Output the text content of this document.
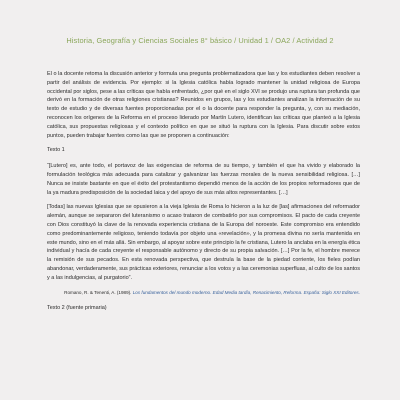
Historia, Geografía y Ciencias Sociales 8° básico / Unidad 1 / OA2 / Actividad 2

El o la docente retoma la discusión anterior y formula una pregunta problematizadora que las y los estudiantes deben resolver a partir del análisis de evidencia. Por ejemplo: si la Iglesia católica había logrado mantener la unidad religiosa de Europa occidental por siglos, pese a las críticas que había enfrentado, ¿por qué en el siglo XVI se produjo una ruptura tan profunda que derivó en la formación de otras religiones cristianas? Reunidos en grupos, las y los estudiantes analizan la información de su texto de estudio y de diversas fuentes proporcionadas por el o la docente para responder la pregunta, y, con su mediación, reconocen los orígenes de la Reforma en el proceso liderado por Martín Lutero, identifican las críticas que planteó a la Iglesia católica, sus propuestas religiosas y el contexto político en que se situó la ruptura con la Iglesia. Para discutir sobre estos puntos, pueden trabajar fuentes como las que se proponen a continuación:

Texto 1

“[Lutero] es, ante todo, el portavoz de las exigencias de reforma de su tiempo, y también el que ha vivido y elaborado la formulación teológica más adecuada para catalizar y galvanizar las fuerzas morales de la nueva sensibilidad religiosa. […] Nunca se insiste bastante en que el éxito del protestantismo dependió menos de la acción de los propios reformadores que de la ya madura predisposición de la sociedad laica y del apoyo de sus más altos representantes. […]

[Todas] las nuevas Iglesias que se opusieron a la vieja Iglesia de Roma lo hicieron a la luz de [las] afirmaciones del reformador alemán, aunque se separaron del luteranismo o acaso trataron de combatirlo por sus compromisos. El pacto de cada creyente con Dios constituyó la clave de la renovada experiencia cristiana de la Europa del noroeste. Este compromiso era entendido como predominantemente religioso, teniendo todavía por objeto una «revelación», y la promesa divina no sería mantenida en este mundo, sino en el más allá. Sin embargo, al apoyar sobre este principio la fe cristiana, Lutero la anclaba en la energía ética individual y hacía de cada creyente el responsable autónomo y directo de su propia salvación. […] Por la fe, el hombre merece la remisión de sus pecados. En esta renovada perspectiva, que destruía la base de la piedad corriente, los fieles podían abandonar, verdaderamente, sus prácticas exteriores, renunciar a los votos y a las ceremonias superfluas, al culto de los santos y a las indulgencias, al purgatorio”.

Romano, R. & Tenenti, A. (1989). Los fundamentos del mundo moderno. Edad Media tardía, Renacimiento, Reforma. España: Siglo XXI Editores.
Texto 2 (fuente primaria)
